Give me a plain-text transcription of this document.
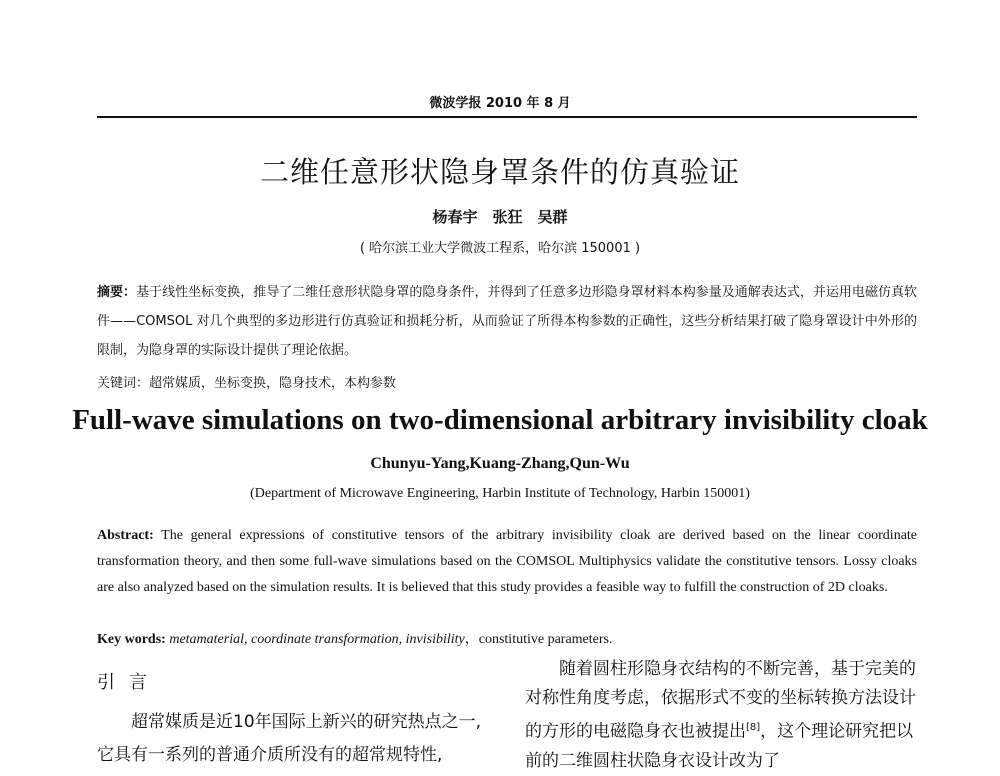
微波学报 2010 年 8 月
二维任意形状隐身罩条件的仿真验证
杨春宇　张狂　吴群
( 哈尔滨工业大学微波工程系，哈尔滨 150001 )
摘要：基于线性坐标变换，推导了二维任意形状隐身罩的隐身条件，并得到了任意多边形隐身罩材料本构参量及通解表达式，并运用电磁仿真软件——COMSOL 对几个典型的多边形进行仿真验证和损耗分析，从而验证了所得本构参数的正确性，这些分析结果打破了隐身罩设计中外形的限制，为隐身罩的实际设计提供了理论依据。
关键词：超常媒质，坐标变换，隐身技术，本构参数
Full-wave simulations on two-dimensional arbitrary invisibility cloak
Chunyu-Yang,Kuang-Zhang,Qun-Wu
(Department of Microwave Engineering, Harbin Institute of Technology, Harbin 150001)
Abstract: The general expressions of constitutive tensors of the arbitrary invisibility cloak are derived based on the linear coordinate transformation theory, and then some full-wave simulations based on the COMSOL Multiphysics validate the constitutive tensors. Lossy cloaks are also analyzed based on the simulation results. It is believed that this study provides a feasible way to fulfill the construction of 2D cloaks.
Key words: metamaterial, coordinate transformation, invisibility，constitutive parameters.
引言
超常媒质是近10年国际上新兴的研究热点之一,它具有一系列的普通介质所没有的超常规特性,
随着圆柱形隐身衣结构的不断完善，基于完美的对称性角度考虑，依据形式不变的坐标转换方法设计的方形的电磁隐身衣也被提出[8]，这个理论研究把以前的二维圆柱状隐身衣设计改为了
